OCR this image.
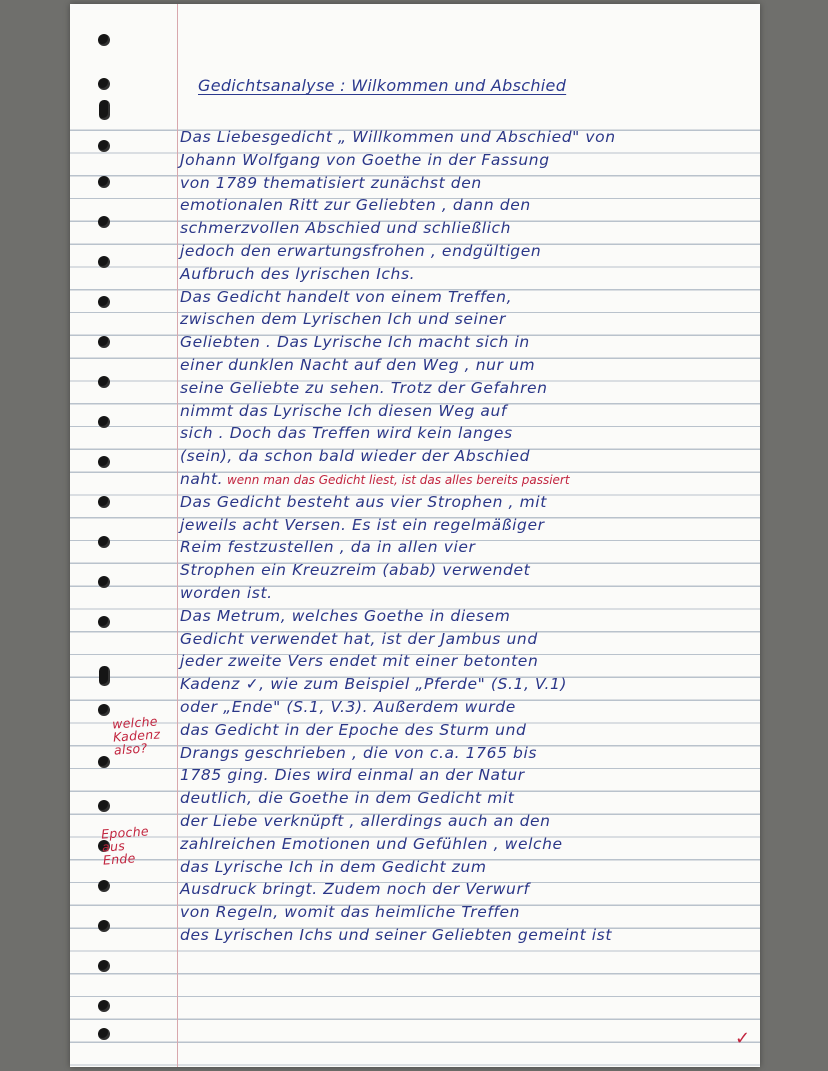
Gedichtsanalyse : Wilkommen und Abschied
Das Liebesgedicht „ Willkommen und Abschied" von
Johann Wolfgang von Goethe in der Fassung
von 1789 thematisiert zunächst den
emotionalen Ritt zur Geliebten , dann den
schmerzvollen Abschied und schließlich
jedoch den erwartungsfrohen , endgültigen
Aufbruch des lyrischen Ichs.
Das Gedicht handelt von einem Treffen,
zwischen dem Lyrischen Ich und seiner
Geliebten . Das Lyrische Ich macht sich in
einer dunklen Nacht auf den Weg , nur um
seine Geliebte zu sehen. Trotz der Gefahren
nimmt das Lyrische Ich diesen Weg auf
sich . Doch das Treffen wird kein langes
(sein), da schon bald wieder der Abschied
naht. wenn man das Gedicht liest, ist das alles bereits passiert
Das Gedicht besteht aus vier Strophen , mit
jeweils acht Versen. Es ist ein regelmäßiger
Reim festzustellen , da in allen vier
Strophen ein Kreuzreim (abab) verwendet
worden ist.
Das Metrum, welches Goethe in diesem
Gedicht verwendet hat, ist der Jambus und
jeder zweite Vers endet mit einer betonten
Kadenz ✓, wie zum Beispiel „Pferde" (S.1, V.1)
oder „Ende" (S.1, V.3). Außerdem wurde
das Gedicht in der Epoche des Sturm und
Drangs geschrieben , die von c.a. 1765 bis
1785 ging. Dies wird einmal an der Natur
deutlich, die Goethe in dem Gedicht mit
der Liebe verknüpft , allerdings auch an den
zahlreichen Emotionen und Gefühlen , welche
das Lyrische Ich in dem Gedicht zum
Ausdruck bringt. Zudem noch der Verwurf
von Regeln, womit das heimliche Treffen
des Lyrischen Ichs und seiner Geliebten gemeint ist
welche
Kadenz
also?
Epoche
aus
Ende
✓
